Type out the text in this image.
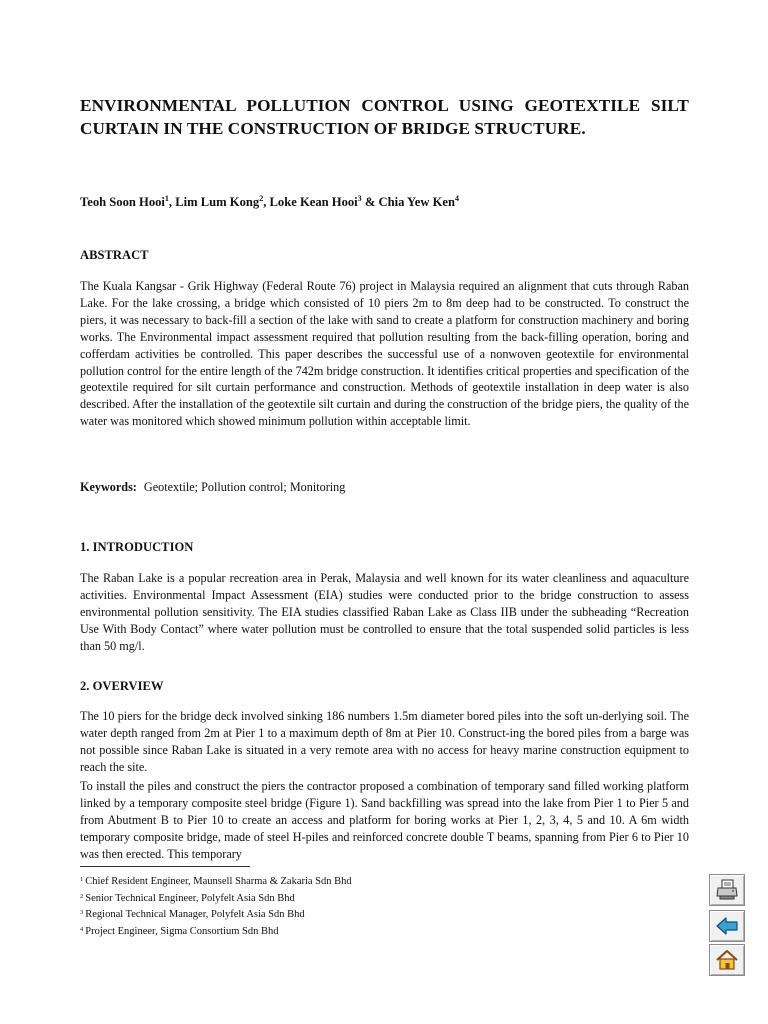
ENVIRONMENTAL POLLUTION CONTROL USING GEOTEXTILE SILT CURTAIN IN THE CONSTRUCTION OF BRIDGE STRUCTURE.
Teoh Soon Hooi$^1$, Lim Lum Kong$^2$, Loke Kean Hooi$^3$ & Chia Yew Ken$^4$
ABSTRACT
The Kuala Kangsar - Grik Highway (Federal Route 76) project in Malaysia required an alignment that cuts through Raban Lake. For the lake crossing, a bridge which consisted of 10 piers 2m to 8m deep had to be constructed. To construct the piers, it was necessary to back-fill a section of the lake with sand to create a platform for construction machinery and boring works. The Environmental impact assessment required that pollution resulting from the back-filling operation, boring and cofferdam activities be controlled. This paper describes the successful use of a nonwoven geotextile for environmental pollution control for the entire length of the 742m bridge construction. It identifies critical properties and specification of the geotextile required for silt curtain performance and construction. Methods of geotextile installation in deep water is also described. After the installation of the geotextile silt curtain and during the construction of the bridge piers, the quality of the water was monitored which showed minimum pollution within acceptable limit.
Keywords: Geotextile; Pollution control; Monitoring
1. INTRODUCTION
The Raban Lake is a popular recreation area in Perak, Malaysia and well known for its water cleanliness and aquaculture activities. Environmental Impact Assessment (EIA) studies were conducted prior to the bridge construction to assess environmental pollution sensitivity. The EIA studies classified Raban Lake as Class IIB under the subheading “Recreation Use With Body Contact” where water pollution must be controlled to ensure that the total suspended solid particles is less than 50 mg/l.
2. OVERVIEW
The 10 piers for the bridge deck involved sinking 186 numbers 1.5m diameter bored piles into the soft un-derlying soil. The water depth ranged from 2m at Pier 1 to a maximum depth of 8m at Pier 10. Construct-ing the bored piles from a barge was not possible since Raban Lake is situated in a very remote area with no access for heavy marine construction equipment to reach the site.
To install the piles and construct the piers the contractor proposed a combination of temporary sand filled working platform linked by a temporary composite steel bridge (Figure 1). Sand backfilling was spread into the lake from Pier 1 to Pier 5 and from Abutment B to Pier 10 to create an access and platform for boring works at Pier 1, 2, 3, 4, 5 and 10. A 6m width temporary composite bridge, made of steel H-piles and reinforced concrete double T beams, spanning from Pier 6 to Pier 10 was then erected. This temporary
$^1$ Chief Resident Engineer, Maunsell Sharma & Zakaria Sdn Bhd
$^2$ Senior Technical Engineer, Polyfelt Asia Sdn Bhd
$^3$ Regional Technical Manager, Polyfelt Asia Sdn Bhd
$^4$ Project Engineer, Sigma Consortium Sdn Bhd
